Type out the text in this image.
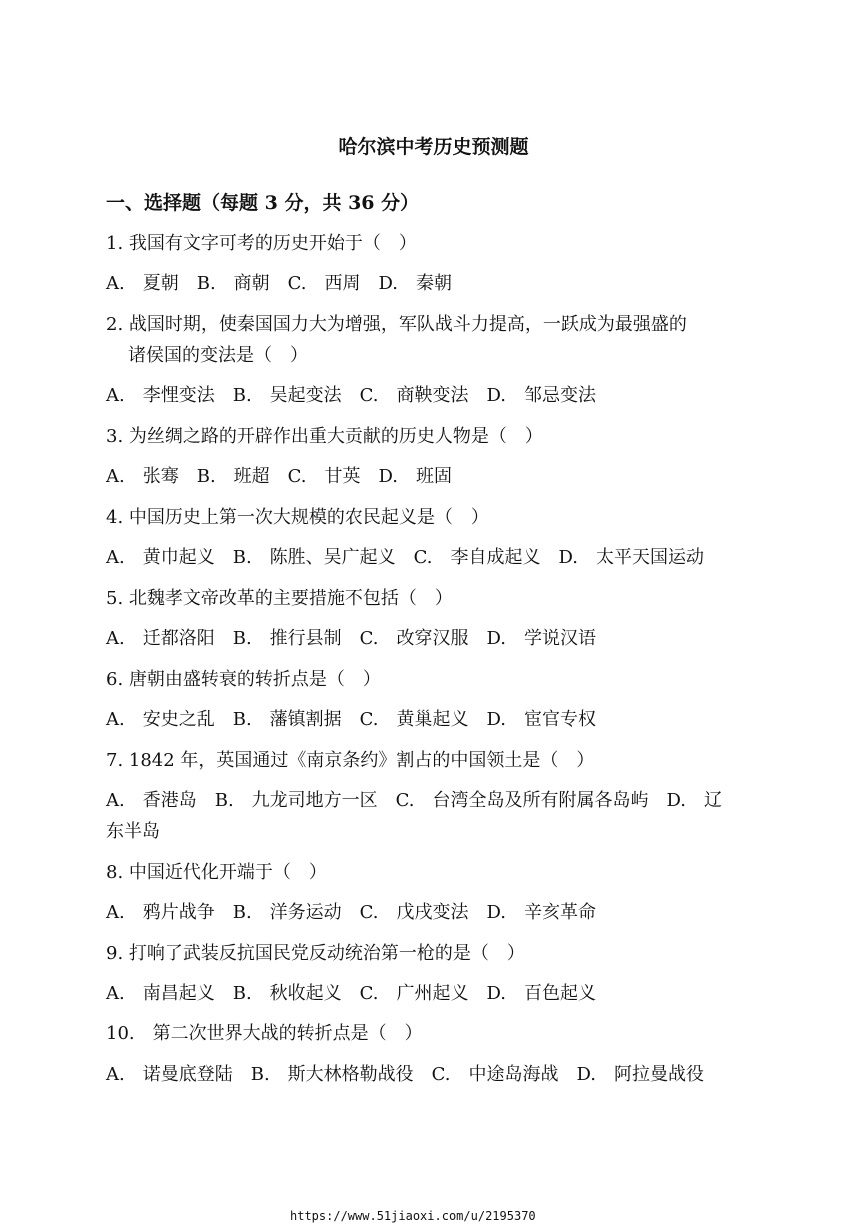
哈尔滨中考历史预测题
一、选择题（每题 3 分，共 36 分）
1. 我国有文字可考的历史开始于（　）
A.　夏朝　B.　商朝　C.　西周　D.　秦朝
2. 战国时期，使秦国国力大为增强，军队战斗力提高，一跃成为最强盛的
诸侯国的变法是（　）
A.　李悝变法　B.　吴起变法　C.　商鞅变法　D.　邹忌变法
3. 为丝绸之路的开辟作出重大贡献的历史人物是（　）
A.　张骞　B.　班超　C.　甘英　D.　班固
4. 中国历史上第一次大规模的农民起义是（　）
A.　黄巾起义　B.　陈胜、吴广起义　C.　李自成起义　D.　太平天国运动
5. 北魏孝文帝改革的主要措施不包括（　）
A.　迁都洛阳　B.　推行县制　C.　改穿汉服　D.　学说汉语
6. 唐朝由盛转衰的转折点是（　）
A.　安史之乱　B.　藩镇割据　C.　黄巢起义　D.　宦官专权
7. 1842 年，英国通过《南京条约》割占的中国领土是（　）
A.　香港岛　B.　九龙司地方一区　C.　台湾全岛及所有附属各岛屿　D.　辽
东半岛
8. 中国近代化开端于（　）
A.　鸦片战争　B.　洋务运动　C.　戊戌变法　D.　辛亥革命
9. 打响了武装反抗国民党反动统治第一枪的是（　）
A.　南昌起义　B.　秋收起义　C.　广州起义　D.　百色起义
10.　第二次世界大战的转折点是（　）
A.　诺曼底登陆　B.　斯大林格勒战役　C.　中途岛海战　D.　阿拉曼战役
https://www.51jiaoxi.com/u/2195370
